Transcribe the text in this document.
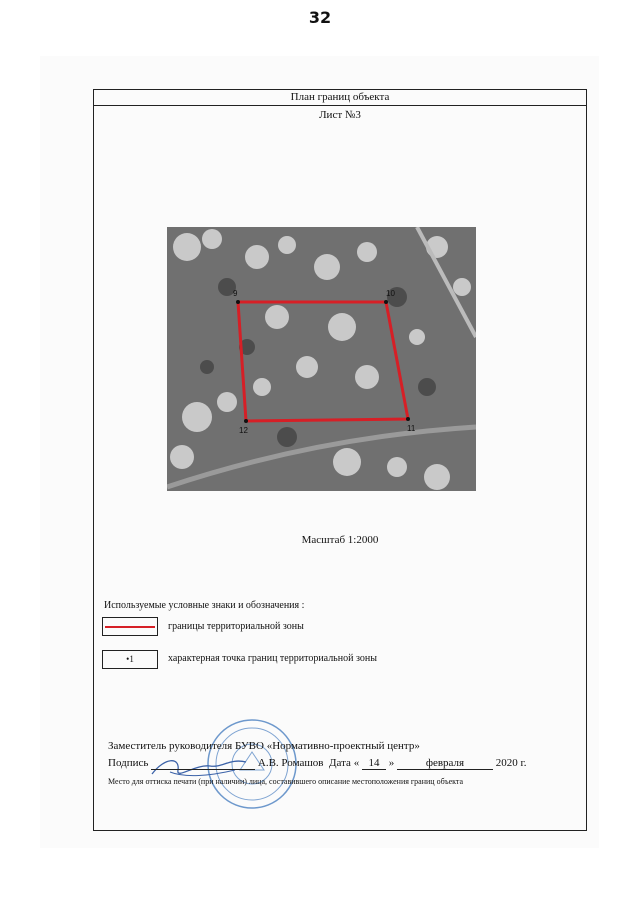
32
План границ объекта
Лист №3
9	10
11
12
Масштаб 1:2000
Используемые условные знаки и обозначения :
границы территориальной зоны
•1	характерная точка границ территориальной зоны
Заместитель руководителя БУВО «Нормативно-проектный центр»
Подпись	А.В. Ромашов Дата « 14 »	февраля	2020 г.
Место для оттиска печати (при наличии) лица, составившего описание местоположения границ объекта
